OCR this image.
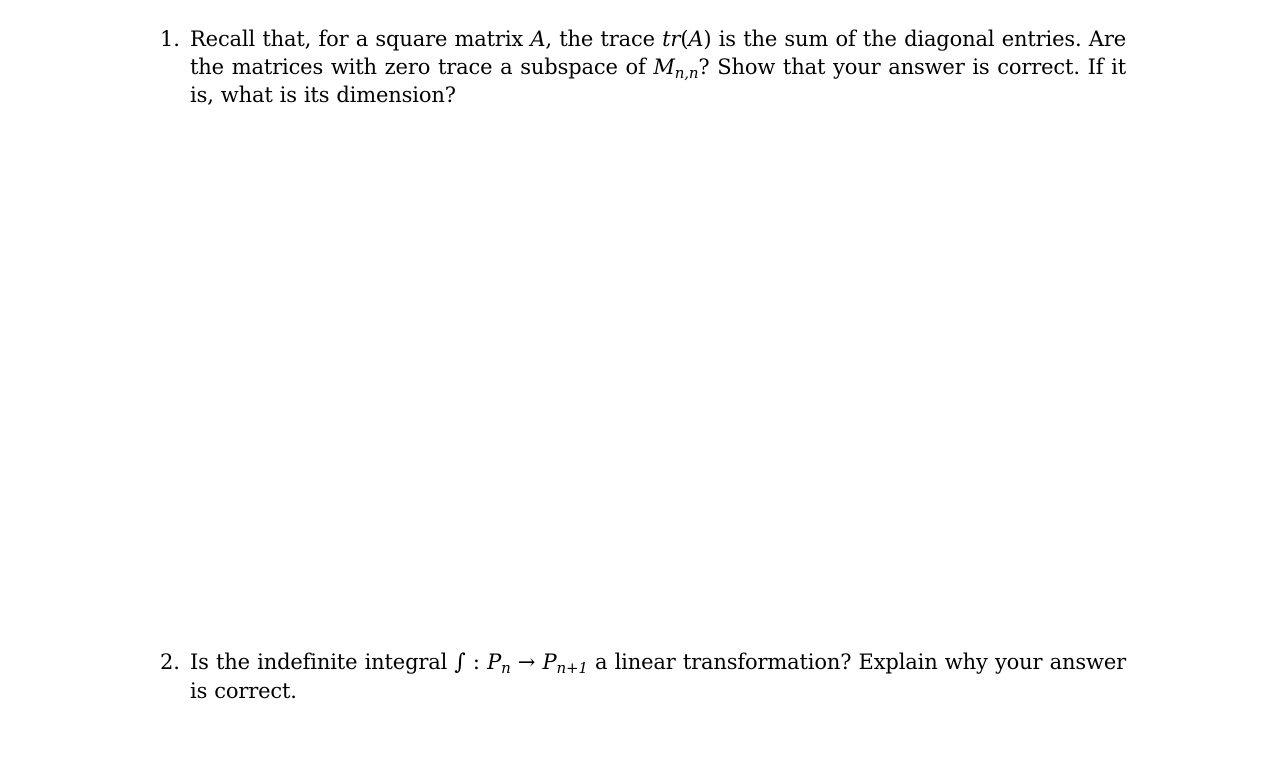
1. Recall that, for a square matrix A, the trace tr(A) is the sum of the diagonal entries. Are the matrices with zero trace a subspace of $M_{n,n}$? Show that your answer is correct. If it is, what is its dimension?
2. Is the indefinite integral ∫ : $P_n \to P_{n+1}$ a linear transformation? Explain why your answer is correct.
